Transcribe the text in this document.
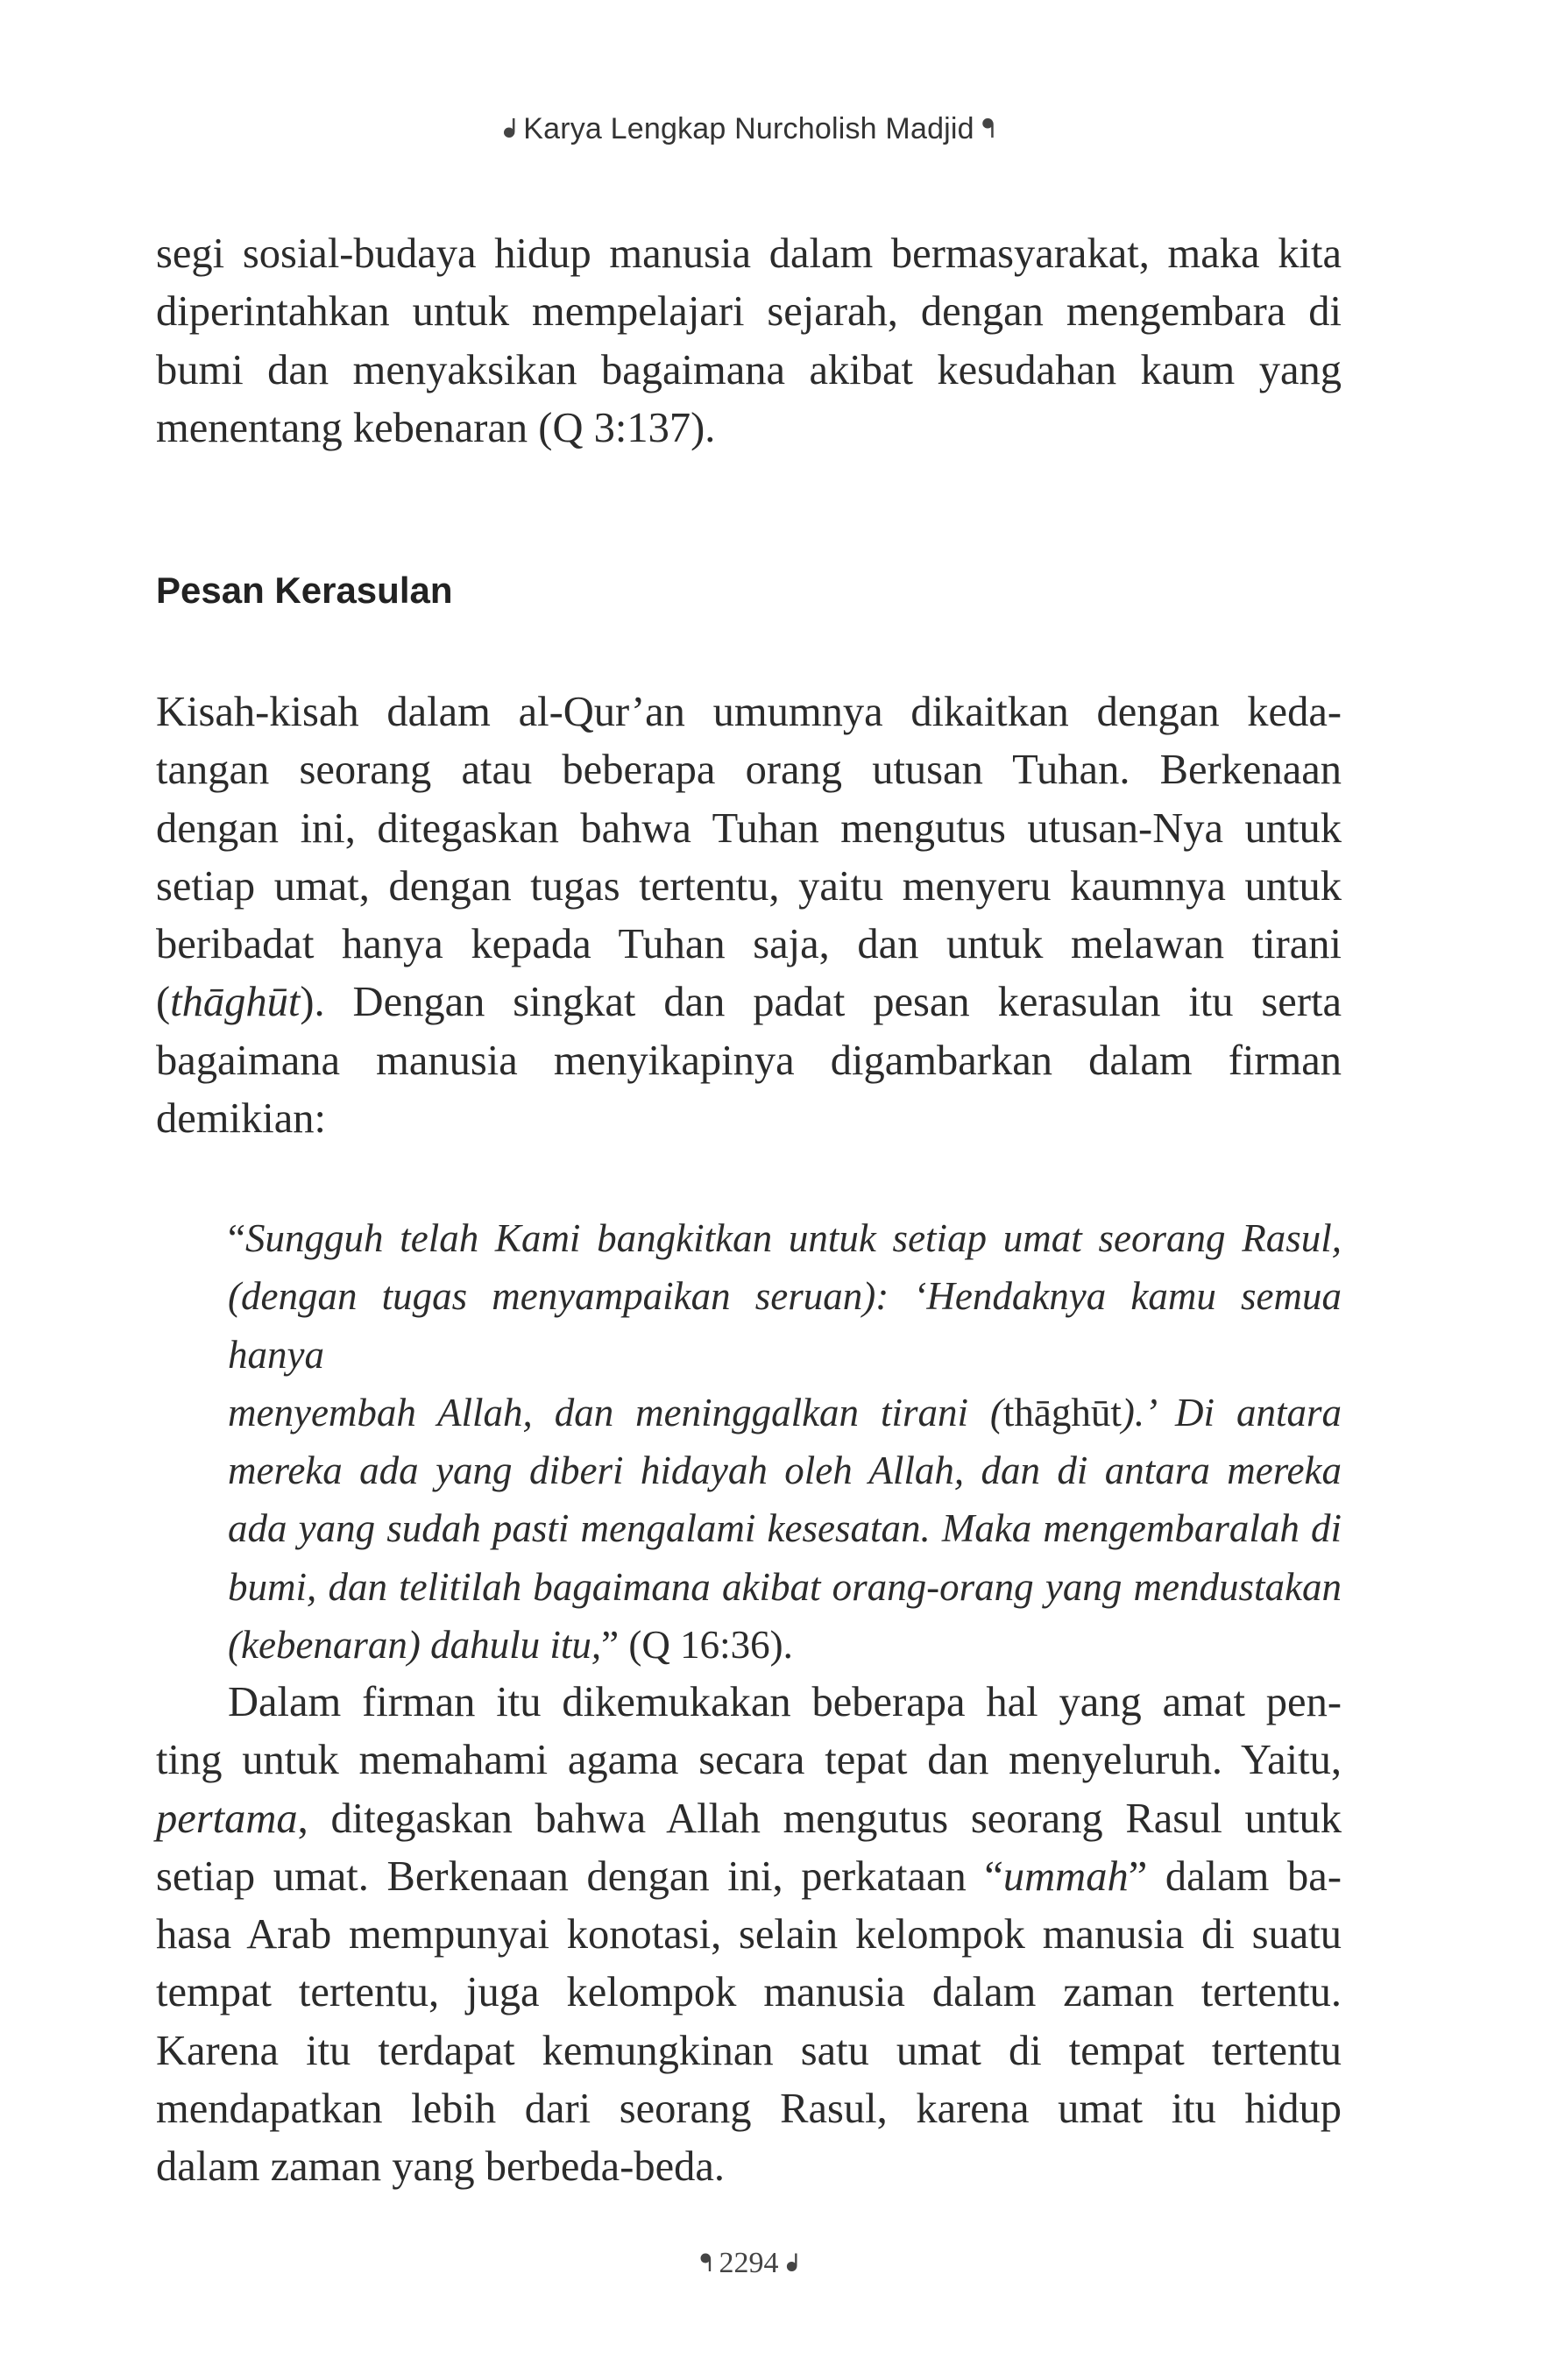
ᖱ Karya Lengkap Nurcholish Madjid ᖳ
segi sosial-budaya hidup manusia dalam bermasyarakat, maka kita
diperintahkan untuk mempelajari sejarah, dengan mengembara di
bumi dan menyaksikan bagaimana akibat kesudahan kaum yang
menentang kebenaran (Q 3:137).
Pesan Kerasulan
Kisah-kisah dalam al-Qur’an umumnya dikaitkan dengan keda-
tangan seorang atau beberapa orang utusan Tuhan. Berkenaan
dengan ini, ditegaskan bahwa Tuhan mengutus utusan-Nya untuk
setiap umat, dengan tugas tertentu, yaitu menyeru kaumnya untuk
beribadat hanya kepada Tuhan saja, dan untuk melawan tirani
(thāghūt). Dengan singkat dan padat pesan kerasulan itu serta
bagaimana manusia menyikapinya digambarkan dalam firman
demikian:
“Sungguh telah Kami bangkitkan untuk setiap umat seorang Rasul,
(dengan tugas menyampaikan seruan): ‘Hendaknya kamu semua hanya
menyembah Allah, dan meninggalkan tirani (thāghūt).’ Di antara
mereka ada yang diberi hidayah oleh Allah, dan di antara mereka
ada yang sudah pasti mengalami kesesatan. Maka mengembaralah di
bumi, dan telitilah bagaimana akibat orang-orang yang mendustakan
(kebenaran) dahulu itu,” (Q 16:36).
Dalam firman itu dikemukakan beberapa hal yang amat pen-
ting untuk memahami agama secara tepat dan menyeluruh. Yaitu,
pertama, ditegaskan bahwa Allah mengutus seorang Rasul untuk
setiap umat. Berkenaan dengan ini, perkataan “ummah” dalam ba-
hasa Arab mempunyai konotasi, selain kelompok manusia di suatu
tempat tertentu, juga kelompok manusia dalam zaman tertentu.
Karena itu terdapat kemungkinan satu umat di tempat tertentu
mendapatkan lebih dari seorang Rasul, karena umat itu hidup
dalam zaman yang berbeda-beda.
ᖳ 2294 ᖱ
